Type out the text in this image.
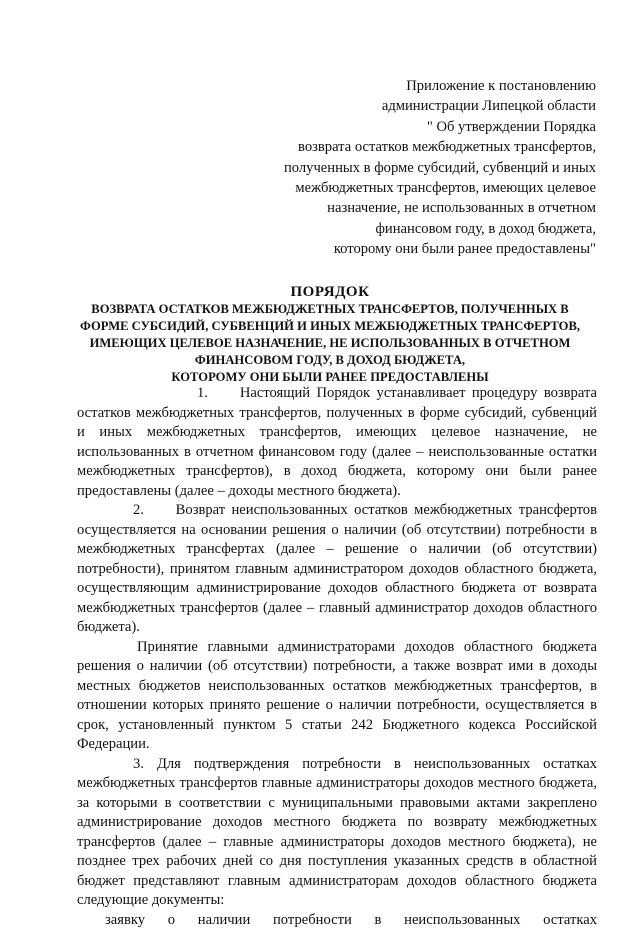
Приложение к постановлению
администрации Липецкой области
" Об утверждении Порядка
возврата остатков межбюджетных трансфертов,
полученных в форме субсидий, субвенций и иных
межбюджетных трансфертов, имеющих целевое
назначение, не использованных в отчетном
финансовом году, в доход бюджета,
которому они были ранее предоставлены"
ПОРЯДОК
ВОЗВРАТА ОСТАТКОВ МЕЖБЮДЖЕТНЫХ ТРАНСФЕРТОВ, ПОЛУЧЕННЫХ В
ФОРМЕ СУБСИДИЙ, СУБВЕНЦИЙ И ИНЫХ МЕЖБЮДЖЕТНЫХ ТРАНСФЕРТОВ,
ИМЕЮЩИХ ЦЕЛЕВОЕ НАЗНАЧЕНИЕ, НЕ ИСПОЛЬЗОВАННЫХ В ОТЧЕТНОМ
ФИНАНСОВОМ ГОДУ, В ДОХОД БЮДЖЕТА,
КОТОРОМУ ОНИ БЫЛИ РАНЕЕ ПРЕДОСТАВЛЕНЫ

1. Настоящий Порядок устанавливает процедуру возврата остатков межбюджетных трансфертов, полученных в форме субсидий, субвенций и иных межбюджетных трансфертов, имеющих целевое назначение, не использованных в отчетном финансовом году (далее – неиспользованные остатки межбюджетных трансфертов), в доход бюджета, которому они были ранее предоставлены (далее – доходы местного бюджета).

2. Возврат неиспользованных остатков межбюджетных трансфертов осуществляется на основании решения о наличии (об отсутствии) потребности в межбюджетных трансфертах (далее – решение о наличии (об отсутствии) потребности), принятом главным администратором доходов областного бюджета, осуществляющим администрирование доходов областного бюджета от возврата межбюджетных трансфертов (далее – главный администратор доходов областного бюджета).

Принятие главными администраторами доходов областного бюджета решения о наличии (об отсутствии) потребности, а также возврат ими в доходы местных бюджетов неиспользованных остатков межбюджетных трансфертов, в отношении которых принято решение о наличии потребности, осуществляется в срок, установленный пунктом 5 статьи 242 Бюджетного кодекса Российской Федерации.

3. Для подтверждения потребности в неиспользованных остатках межбюджетных трансфертов главные администраторы доходов местного бюджета, за которыми в соответствии с муниципальными правовыми актами закреплено администрирование доходов местного бюджета по возврату межбюджетных трансфертов (далее – главные администраторы доходов местного бюджета), не позднее трех рабочих дней со дня поступления указанных средств в областной бюджет представляют главным администраторам доходов областного бюджета следующие документы:

заявку о наличии потребности в неиспользованных остатках
